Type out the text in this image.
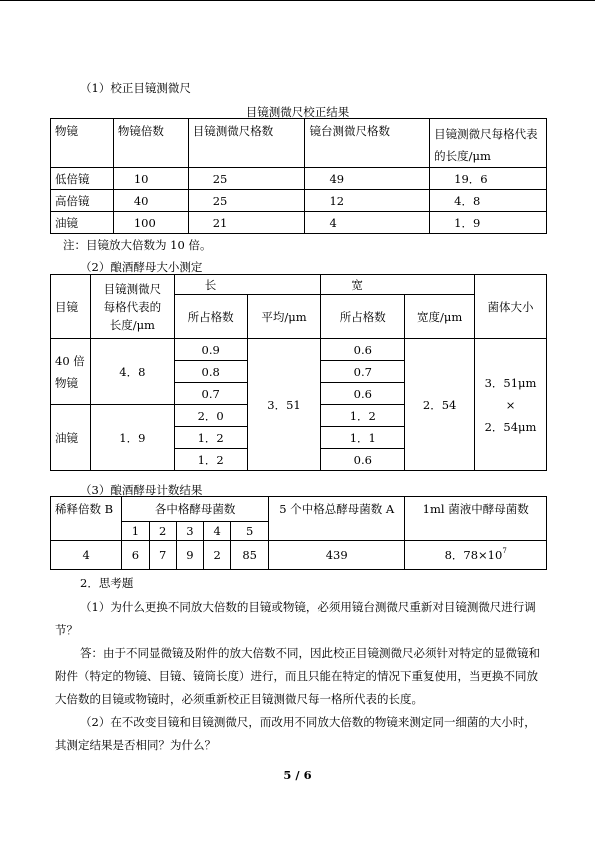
（1）校正目镜测微尺
目镜测微尺校正结果
物镜	物镜倍数	目镜测微尺格数	镜台测微尺格数	目镜测微尺每格代表
的长度/μm
低倍镜	10	25	49	19．6
高倍镜	40	25	12	4．8
油镜	100	21	4	1．9
注：目镜放大倍数为 10 倍。
（2）酿酒酵母大小测定
目镜	目镜测微尺
每格代表的
长度/μm	长		宽		菌体大小
		所占格数	平均/μm	所占格数	宽度/μm	
40 倍
物镜	4．8	0.9	3．51	0.6	2．54	3．51μm
×
2．54μm
		0.8		0.7		
		0.7		0.6		
油镜	1．9	2．0		1．2		
		1．2		1．1		
		1．2		0.6		
（3）酿酒酵母计数结果
稀释倍数 B	各中格酵母菌数					5 个中格总酵母菌数 A	1ml 菌液中酵母菌数
	1	2	3	4	5		
4	6	7	9	2	85	439	8．$78\times 10^7$
2．思考题
（1）为什么更换不同放大倍数的目镜或物镜，必须用镜台测微尺重新对目镜测微尺进行调节？
答：由于不同显微镜及附件的放大倍数不同，因此校正目镜测微尺必须针对特定的显微镜和附件（特定的物镜、目镜、镜筒长度）进行，而且只能在特定的情况下重复使用，当更换不同放大倍数的目镜或物镜时，必须重新校正目镜测微尺每一格所代表的长度。
（2）在不改变目镜和目镜测微尺，而改用不同放大倍数的物镜来测定同一细菌的大小时，其测定结果是否相同？为什么？
5 / 6
